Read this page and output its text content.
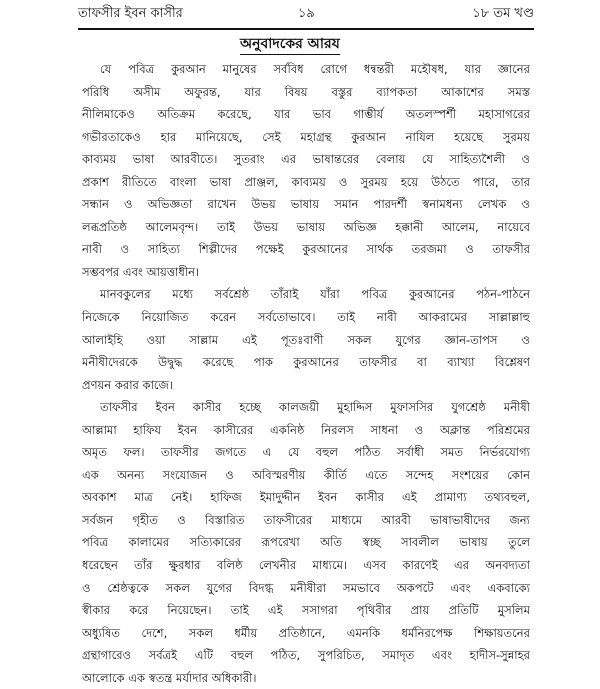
তাফসীর ইবন কাসীর	১৯	১৮ তম খণ্ড
অনুবাদকের আরয
যে পবিত্র কুরআন মানুষের সর্ববিধ রোগে ধন্বন্তরী মহৌষধ, যার জ্ঞানের
পরিধি অসীম অফুরন্ত, যার বিষয় বস্তুর ব্যাপকতা আকাশের সমস্ত
নীলিমাকেও অতিক্রম করেছে, যার ভাব গাম্ভীর্য অতলস্পর্শী মহাসাগরের
গভীরতাকেও হার মানিয়েছে, সেই মহাগ্রন্থ কুরআন নাযিল হয়েছে সুরময়
কাব্যময় ভাষা আরবীতে। সুতরাং এর ভাষান্তরের বেলায় যে সাহিত্যশৈলী ও
প্রকাশ রীতিতে বাংলা ভাষা প্রাঞ্জল, কাব্যময় ও সুরময় হয়ে উঠতে পারে, তার
সন্ধান ও অভিজ্ঞতা রাখেন উভয় ভাষায় সমান পারদর্শী স্বনামধন্য লেখক ও
লব্ধপ্রতিষ্ঠ আলেমবৃন্দ। তাই উভয় ভাষায় অভিজ্ঞ হক্কানী আলেম, নায়েবে
নাবী ও সাহিত্য শিল্পীদের পক্ষেই কুরআনের সার্থক তরজমা ও তাফসীর
সম্ভবপর এবং আয়ত্তাধীন।
মানবকুলের মধ্যে সর্বশ্রেষ্ঠ তাঁরাই যাঁরা পবিত্র কুরআনের পঠন-পাঠনে
নিজেকে নিয়োজিত করেন সর্বতোভাবে। তাই নাবী আকরামের সাল্লাল্লাহু
আলাইহি ওয়া সাল্লাম এই পূতঃবাণী সকল যুগের জ্ঞান-তাপস ও
মনীষীদেরকে উদ্বুদ্ধ করেছে পাক কুরআনের তাফসীর বা ব্যাখ্যা বিশ্লেষণ
প্রণয়ন করার কাজে।
তাফসীর ইবন কাসীর হচ্ছে কালজয়ী মুহাদ্দিস মুফাসসির যুগশ্রেষ্ঠ মনীষী
আল্লামা হাফিয ইবন কাসীরের একনিষ্ঠ নিরলস সাধনা ও অক্লান্ত পরিশ্রমের
অমৃত ফল। তাফসীর জগতে এ যে বহুল পঠিত সর্বাধী সমত নির্ভরযোগ্য
এক অনন্য সংযোজন ও অবিস্মরণীয় কীর্তি এতে সন্দেহ সংশয়ের কোন
অবকাশ মাত্র নেই। হাফিজ ইমাদুদ্দীন ইবন কাসীর এই প্রামাণ্য তথ্যবহুল,
সর্বজন গৃহীত ও বিস্তারিত তাফসীরের মাধ্যমে আরবী ভাষাভাষীদের জন্য
পবিত্র কালামের সত্যিকারের রূপরেখা অতি স্বচ্ছ সাবলীল ভাষায় তুলে
ধরেছেন তাঁর ক্ষুরধার বলিষ্ঠ লেখনীর মাধ্যমে। এসব কারণেই এর অনবদ্যতা
ও শ্রেষ্ঠত্বকে সকল যুগের বিদগ্ধ মনীষীরা সমভাবে অকপটে এবং একবাক্যে
স্বীকার করে নিয়েছেন। তাই এই সসাগরা পৃথিবীর প্রায় প্রতিটি মুসলিম
অধ্যুষিত দেশে, সকল ধর্মীয় প্রতিষ্ঠানে, এমনকি ধর্মনিরপেক্ষ শিক্ষায়তনের
গ্রন্থাগারেও সর্বত্রই এটি বহুল পঠিত, সুপরিচিত, সমাদৃত এবং হাদীস-সুন্নাহর
আলোকে এক স্বতন্ত্র মর্যাদার অধিকারী।
